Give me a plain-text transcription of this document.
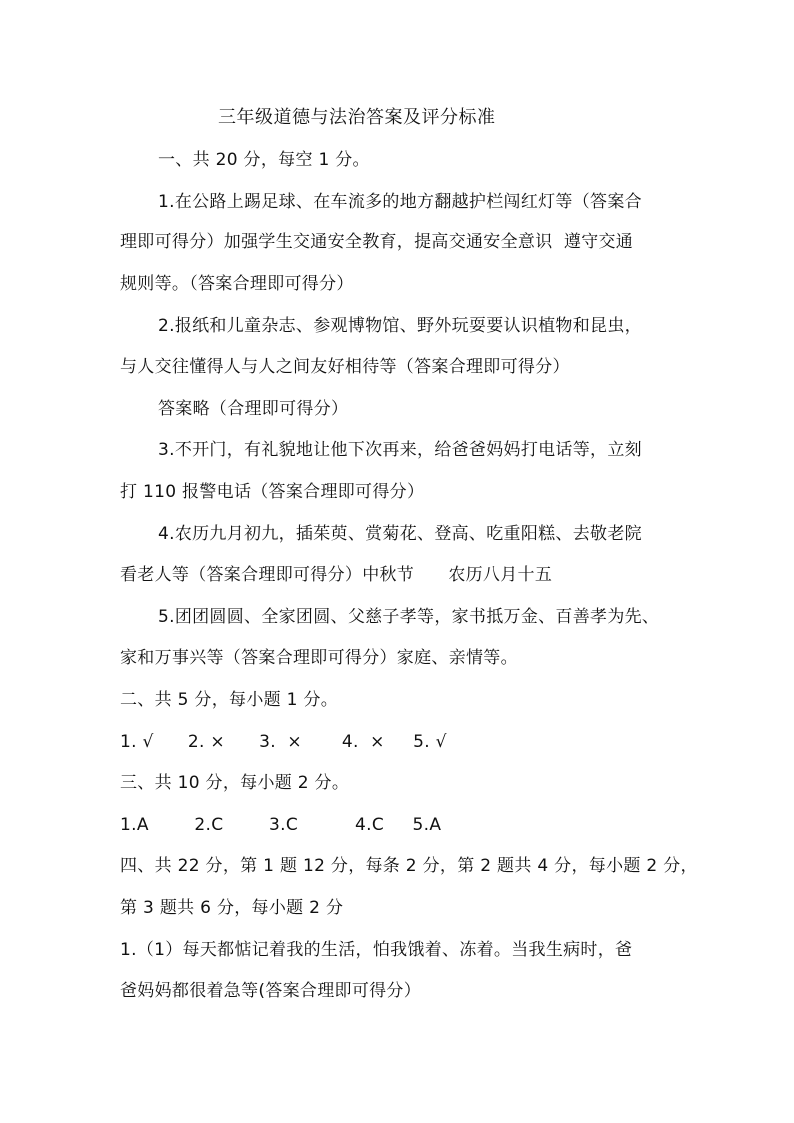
三年级道德与法治答案及评分标准
一、共 20 分，每空 1 分。
1.在公路上踢足球、在车流多的地方翻越护栏闯红灯等（答案合
理即可得分）加强学生交通安全教育，提高交通安全意识  遵守交通
规则等。（答案合理即可得分）
2.报纸和儿童杂志、参观博物馆、野外玩耍要认识植物和昆虫，
与人交往懂得人与人之间友好相待等（答案合理即可得分）
答案略（合理即可得分）
3.不开门，有礼貌地让他下次再来，给爸爸妈妈打电话等，立刻
打 110 报警电话（答案合理即可得分）
4.农历九月初九，插茱萸、赏菊花、登高、吃重阳糕、去敬老院
看老人等（答案合理即可得分）中秋节      农历八月十五
5.团团圆圆、全家团圆、父慈子孝等，家书抵万金、百善孝为先、
家和万事兴等（答案合理即可得分）家庭、亲情等。
二、共 5 分，每小题 1 分。
1. √      2. ×      3.  ×       4.  ×     5. √
三、共 10 分，每小题 2 分。
1.A        2.C        3.C          4.C     5.A
四、共 22 分，第 1 题 12 分，每条 2 分，第 2 题共 4 分，每小题 2 分，
第 3 题共 6 分，每小题 2 分
1.（1）每天都惦记着我的生活，怕我饿着、冻着。当我生病时，爸
爸妈妈都很着急等(答案合理即可得分）
